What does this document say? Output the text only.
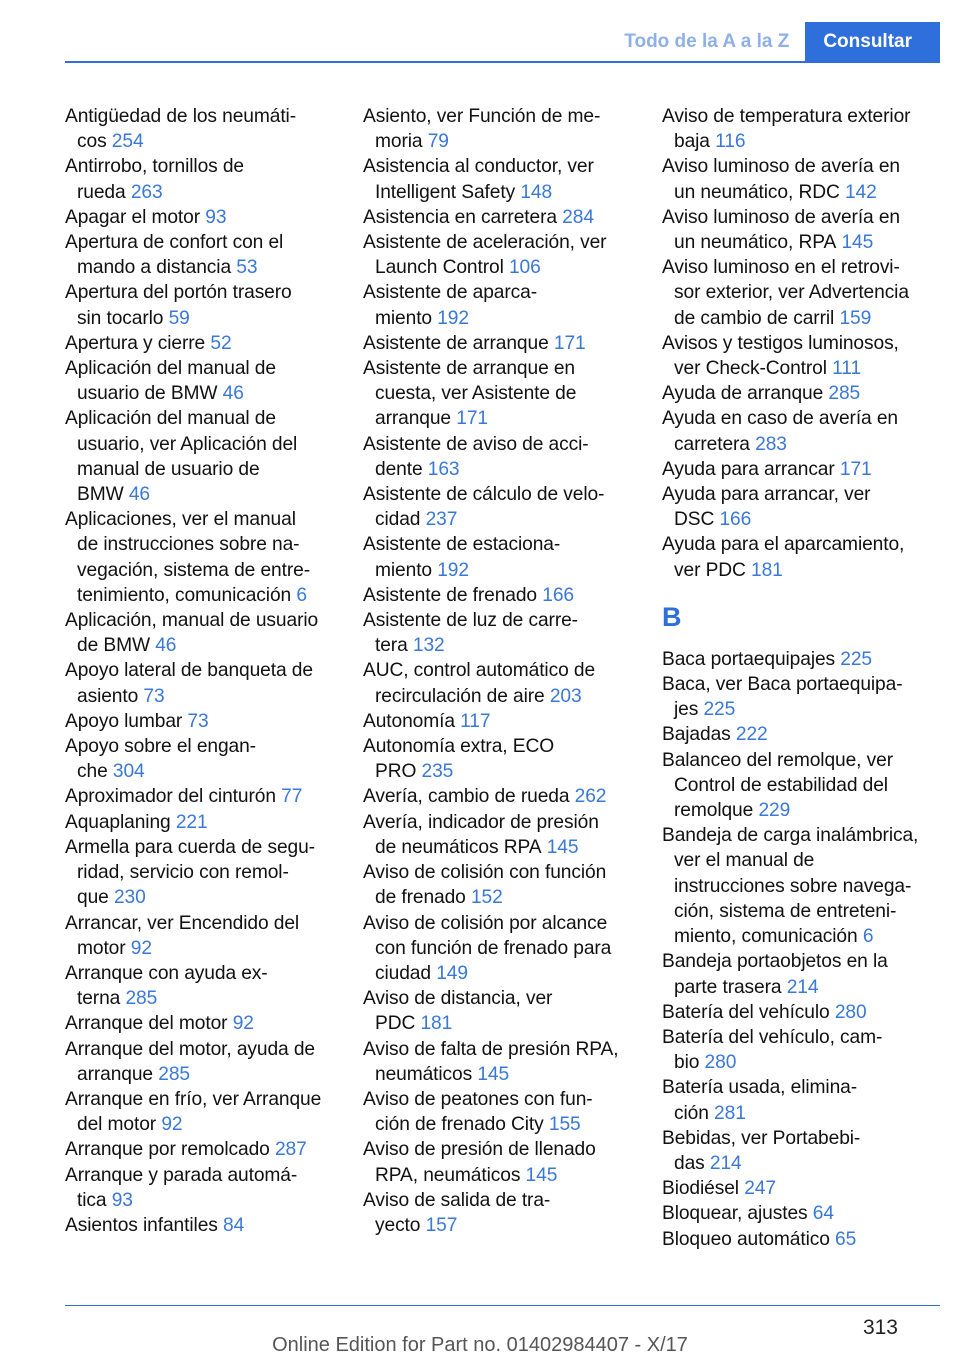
Todo de la A a la Z	Consultar
Antigüedad de los neumáti-
cos 254
Antirrobo, tornillos de
rueda 263
Apagar el motor 93
Apertura de confort con el
mando a distancia 53
Apertura del portón trasero
sin tocarlo 59
Apertura y cierre 52
Aplicación del manual de
usuario de BMW 46
Aplicación del manual de
usuario, ver Aplicación del
manual de usuario de
BMW 46
Aplicaciones, ver el manual
de instrucciones sobre na-
vegación, sistema de entre-
tenimiento, comunicación 6
Aplicación, manual de usuario
de BMW 46
Apoyo lateral de banqueta de
asiento 73
Apoyo lumbar 73
Apoyo sobre el engan-
che 304
Aproximador del cinturón 77
Aquaplaning 221
Armella para cuerda de segu-
ridad, servicio con remol-
que 230
Arrancar, ver Encendido del
motor 92
Arranque con ayuda ex-
terna 285
Arranque del motor 92
Arranque del motor, ayuda de
arranque 285
Arranque en frío, ver Arranque
del motor 92
Arranque por remolcado 287
Arranque y parada automá-
tica 93
Asientos infantiles 84
Asiento, ver Función de me-
moria 79
Asistencia al conductor, ver
Intelligent Safety 148
Asistencia en carretera 284
Asistente de aceleración, ver
Launch Control 106
Asistente de aparca-
miento 192
Asistente de arranque 171
Asistente de arranque en
cuesta, ver Asistente de
arranque 171
Asistente de aviso de acci-
dente 163
Asistente de cálculo de velo-
cidad 237
Asistente de estaciona-
miento 192
Asistente de frenado 166
Asistente de luz de carre-
tera 132
AUC, control automático de
recirculación de aire 203
Autonomía 117
Autonomía extra, ECO
PRO 235
Avería, cambio de rueda 262
Avería, indicador de presión
de neumáticos RPA 145
Aviso de colisión con función
de frenado 152
Aviso de colisión por alcance
con función de frenado para
ciudad 149
Aviso de distancia, ver
PDC 181
Aviso de falta de presión RPA,
neumáticos 145
Aviso de peatones con fun-
ción de frenado City 155
Aviso de presión de llenado
RPA, neumáticos 145
Aviso de salida de tra-
yecto 157
Aviso de temperatura exterior
baja 116
Aviso luminoso de avería en
un neumático, RDC 142
Aviso luminoso de avería en
un neumático, RPA 145
Aviso luminoso en el retrovi-
sor exterior, ver Advertencia
de cambio de carril 159
Avisos y testigos luminosos,
ver Check-Control 111
Ayuda de arranque 285
Ayuda en caso de avería en
carretera 283
Ayuda para arrancar 171
Ayuda para arrancar, ver
DSC 166
Ayuda para el aparcamiento,
ver PDC 181
B
Baca portaequipajes 225
Baca, ver Baca portaequipa-
jes 225
Bajadas 222
Balanceo del remolque, ver
Control de estabilidad del
remolque 229
Bandeja de carga inalámbrica,
ver el manual de
instrucciones sobre navega-
ción, sistema de entreteni-
miento, comunicación 6
Bandeja portaobjetos en la
parte trasera 214
Batería del vehículo 280
Batería del vehículo, cam-
bio 280
Batería usada, elimina-
ción 281
Bebidas, ver Portabebi-
das 214
Biodiésel 247
Bloquear, ajustes 64
Bloqueo automático 65
313
Online Edition for Part no. 01402984407 - X/17
